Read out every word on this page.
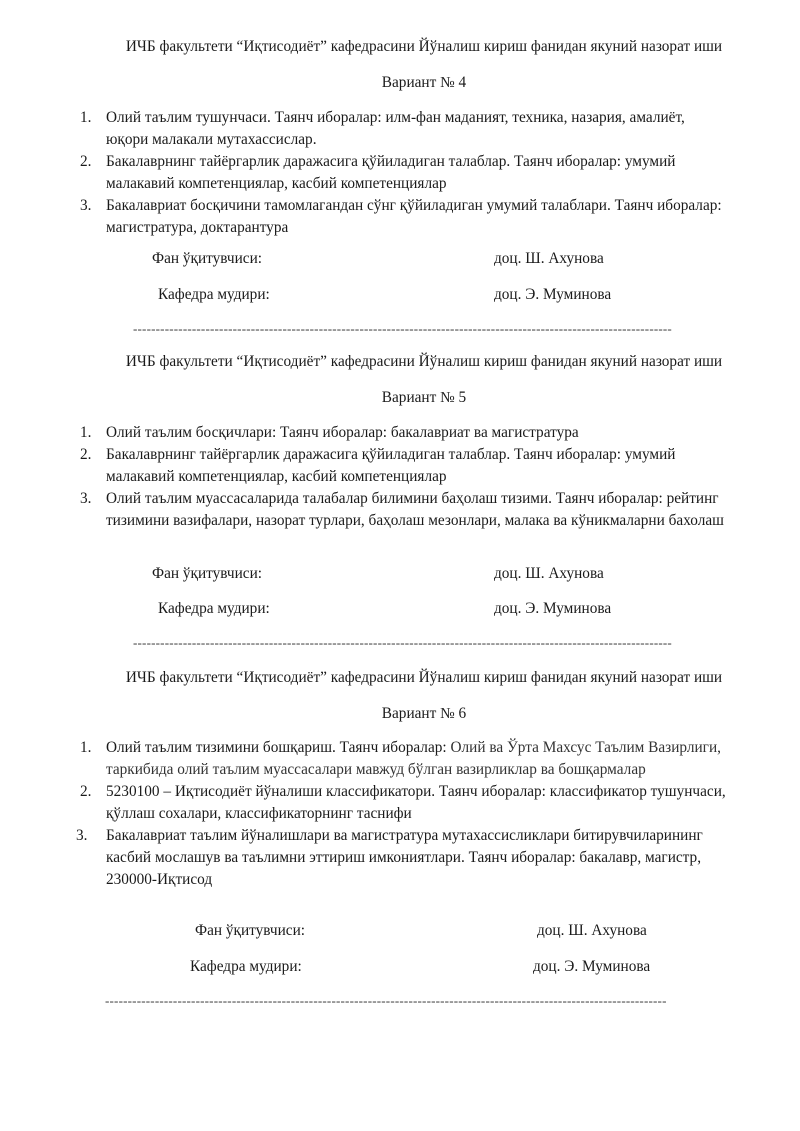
ИЧБ факультети “Иқтисодиёт” кафедрасини Йўналиш кириш фанидан якуний назорат иши
Вариант № 4
1. Олий таълим тушунчаси. Таянч иборалар: илм-фан маданият, техника, назария, амалиёт, юқори малакали мутахассислар.
2. Бакалаврнинг тайёргарлик даражасига қўйиладиган талаблар. Таянч иборалар: умумий малакавий компетенциялар, касбий компетенциялар
3. Бакалавриат босқичини тамомлагандан сўнг қўйиладиган умумий талаблари. Таянч иборалар: магистратура, доктарантура
Фан ўқитувчиси:	доц. Ш. Ахунова
Кафедра мудири:	доц. Э. Муминова
-----------------------------------------------------------------------------------------------------------------------
ИЧБ факультети “Иқтисодиёт” кафедрасини Йўналиш кириш фанидан якуний назорат иши
Вариант № 5
1. Олий таълим босқичлари: Таянч иборалар: бакалавриат ва магистратура
2. Бакалаврнинг тайёргарлик даражасига қўйиладиган талаблар. Таянч иборалар: умумий малакавий компетенциялар, касбий компетенциялар
3. Олий таълим муассасаларида талабалар билимини баҳолаш тизими. Таянч иборалар: рейтинг тизимини вазифалари, назорат турлари, баҳолаш мезонлари, малака ва кўникмаларни бахолаш
Фан ўқитувчиси:	доц. Ш. Ахунова
Кафедра мудири:	доц. Э. Муминова
-----------------------------------------------------------------------------------------------------------------------
ИЧБ факультети “Иқтисодиёт” кафедрасини Йўналиш кириш фанидан якуний назорат иши
Вариант № 6
1. Олий таълим тизимини бошқариш. Таянч иборалар: Олий ва Ўрта Махсус Таълим Вазирлиги, таркибида олий таълим муассасалари мавжуд бўлган вазирликлар ва бошқармалар
2. 5230100 – Иқтисодиёт йўналиши классификатори. Таянч иборалар: классификатор тушунчаси, қўллаш сохалари, классификаторнинг таснифи
3. Бакалавриат таълим йўналишлари ва магистратура мутахассисликлари битирувчиларининг касбий мослашув ва таълимни эттириш имкониятлари. Таянч иборалар: бакалавр, магистр, 230000-Иқтисод
Фан ўқитувчиси:	доц. Ш. Ахунова
Кафедра мудири:	доц. Э. Муминова
----------------------------------------------------------------------------------------------------------------------------
